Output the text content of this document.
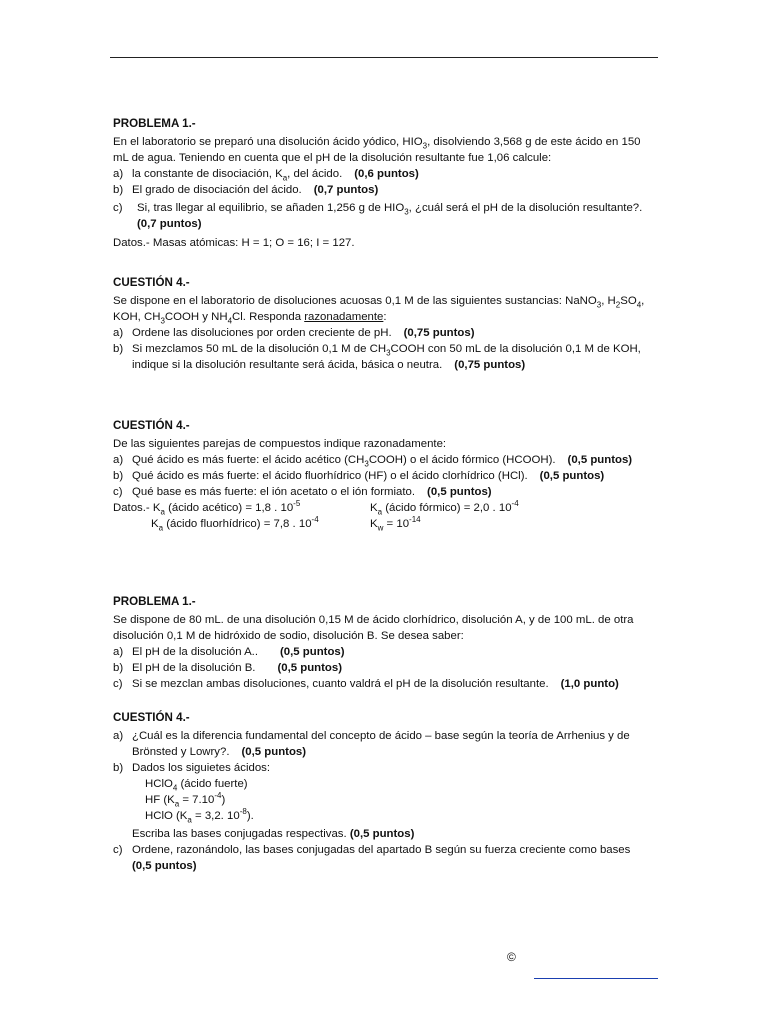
PROBLEMA 1.-

En el laboratorio se preparó una disolución ácido yódico, $HIO_3$, disolviendo 3,568 g de este ácido en 150

mL de agua. Teniendo en cuenta que el pH de la disolución resultante fue 1,06 calcule:

a) la constante de disociación, $K_a$, del ácido. (0,6 puntos)

b) El grado de disociación del ácido. (0,7 puntos)

c) Si, tras llegar al equilibrio, se añaden 1,256 g de $HIO_3$, ¿cuál será el pH de la disolución resultante?.
(0,7 puntos)

Datos.- Masas atómicas: H = 1; O = 16; I = 127.

CUESTIÓN 4.-

Se dispone en el laboratorio de disoluciones acuosas 0,1 M de las siguientes sustancias: NaNO$_3$, $H_2SO_4$,

KOH, $CH_3COOH$ y $NH_4Cl$. Responda razonadamente:

a) Ordene las disoluciones por orden creciente de pH. (0,75 puntos)

b) Si mezclamos 50 mL de la disolución 0,1 M de $CH_3COOH$ con 50 mL de la disolución 0,1 M de KOH,
indique si la disolución resultante será ácida, básica o neutra. (0,75 puntos)

CUESTIÓN 4.-

De las siguientes parejas de compuestos indique razonadamente:

a) Qué ácido es más fuerte: el ácido acético $(CH_3COOH)$ o el ácido fórmico (HCOOH). (0,5 puntos)

b) Qué ácido es más fuerte: el ácido fluorhídrico (HF) o el ácido clorhídrico (HCl). (0,5 puntos)

c) Qué base es más fuerte: el ión acetato o el ión formiato. (0,5 puntos)

Datos.- $K_a$ (ácido acético) = 1,8 . $10^{-5}$	$K_a$ (ácido fórmico) = 2,0 . $10^{-4}$
$K_a$ (ácido fluorhídrico) = 7,8 . $10^{-4}$	$K_w = 10^{-14}$

PROBLEMA 1.-

Se dispone de 80 mL. de una disolución 0,15 M de ácido clorhídrico, disolución A, y de 100 mL. de otra

disolución 0,1 M de hidróxido de sodio, disolución B. Se desea saber:

a) El pH de la disolución A.. (0,5 puntos)

b) El pH de la disolución B. (0,5 puntos)

c) Si se mezclan ambas disoluciones, cuanto valdrá el pH de la disolución resultante. (1,0 punto)

CUESTIÓN 4.-

a) ¿Cuál es la diferencia fundamental del concepto de ácido – base según la teoría de Arrhenius y de
Brönsted y Lowry?. (0,5 puntos)

b) Dados los siguietes ácidos:

HClO$_4$ (ácido fuerte)

HF $(K_a = 7.10^{-4})$

HClO ($K_a = 3,2$. $10^{-8}$).

Escriba las bases conjugadas respectivas. (0,5 puntos)

c) Ordene, razonándolo, las bases conjugadas del apartado B según su fuerza creciente como bases
(0,5 puntos)

©
